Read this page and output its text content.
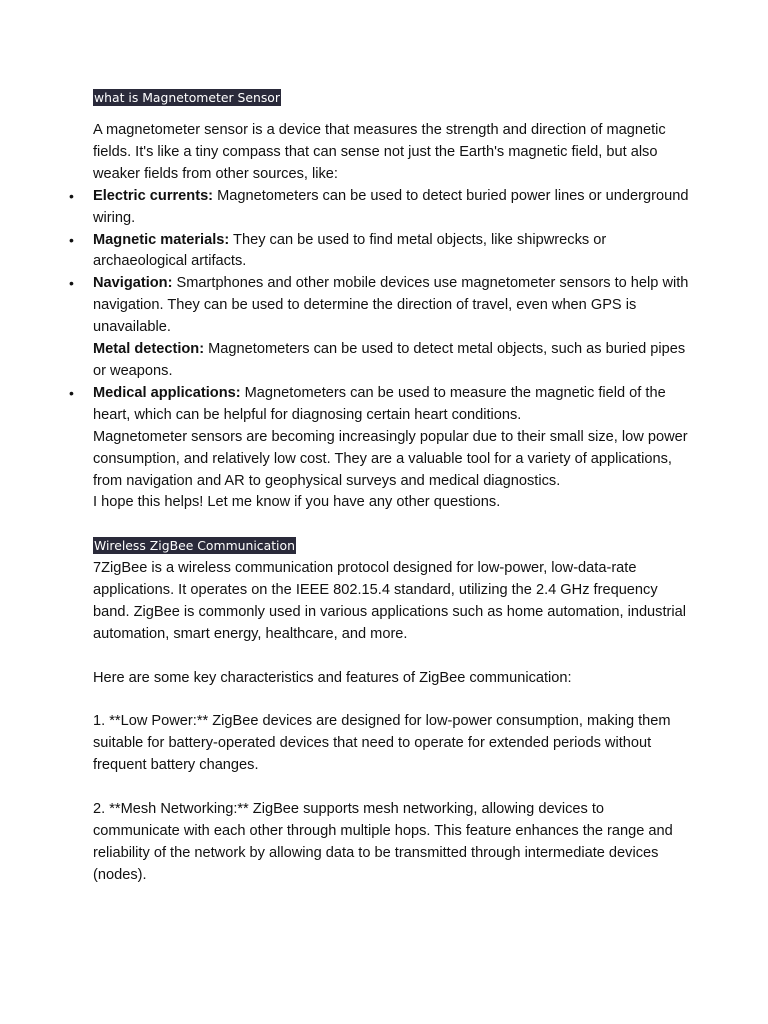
what is Magnetometer Sensor

A magnetometer sensor is a device that measures the strength and direction of magnetic fields. It's like a tiny compass that can sense not just the Earth's magnetic field, but also weaker fields from other sources, like:

• Electric currents: Magnetometers can be used to detect buried power lines or underground wiring.
• Magnetic materials: They can be used to find metal objects, like shipwrecks or archaeological artifacts.
• Navigation: Smartphones and other mobile devices use magnetometer sensors to help with navigation. They can be used to determine the direction of travel, even when GPS is unavailable.
Metal detection: Magnetometers can be used to detect metal objects, such as buried pipes or weapons.
• Medical applications: Magnetometers can be used to measure the magnetic field of the heart, which can be helpful for diagnosing certain heart conditions.

Magnetometer sensors are becoming increasingly popular due to their small size, low power consumption, and relatively low cost. They are a valuable tool for a variety of applications, from navigation and AR to geophysical surveys and medical diagnostics.

I hope this helps! Let me know if you have any other questions.

Wireless ZigBee Communication

7ZigBee is a wireless communication protocol designed for low-power, low-data-rate applications. It operates on the IEEE 802.15.4 standard, utilizing the 2.4 GHz frequency band. ZigBee is commonly used in various applications such as home automation, industrial automation, smart energy, healthcare, and more.

Here are some key characteristics and features of ZigBee communication:

1. **Low Power:** ZigBee devices are designed for low-power consumption, making them suitable for battery-operated devices that need to operate for extended periods without frequent battery changes.

2. **Mesh Networking:** ZigBee supports mesh networking, allowing devices to communicate with each other through multiple hops. This feature enhances the range and reliability of the network by allowing data to be transmitted through intermediate devices (nodes).
